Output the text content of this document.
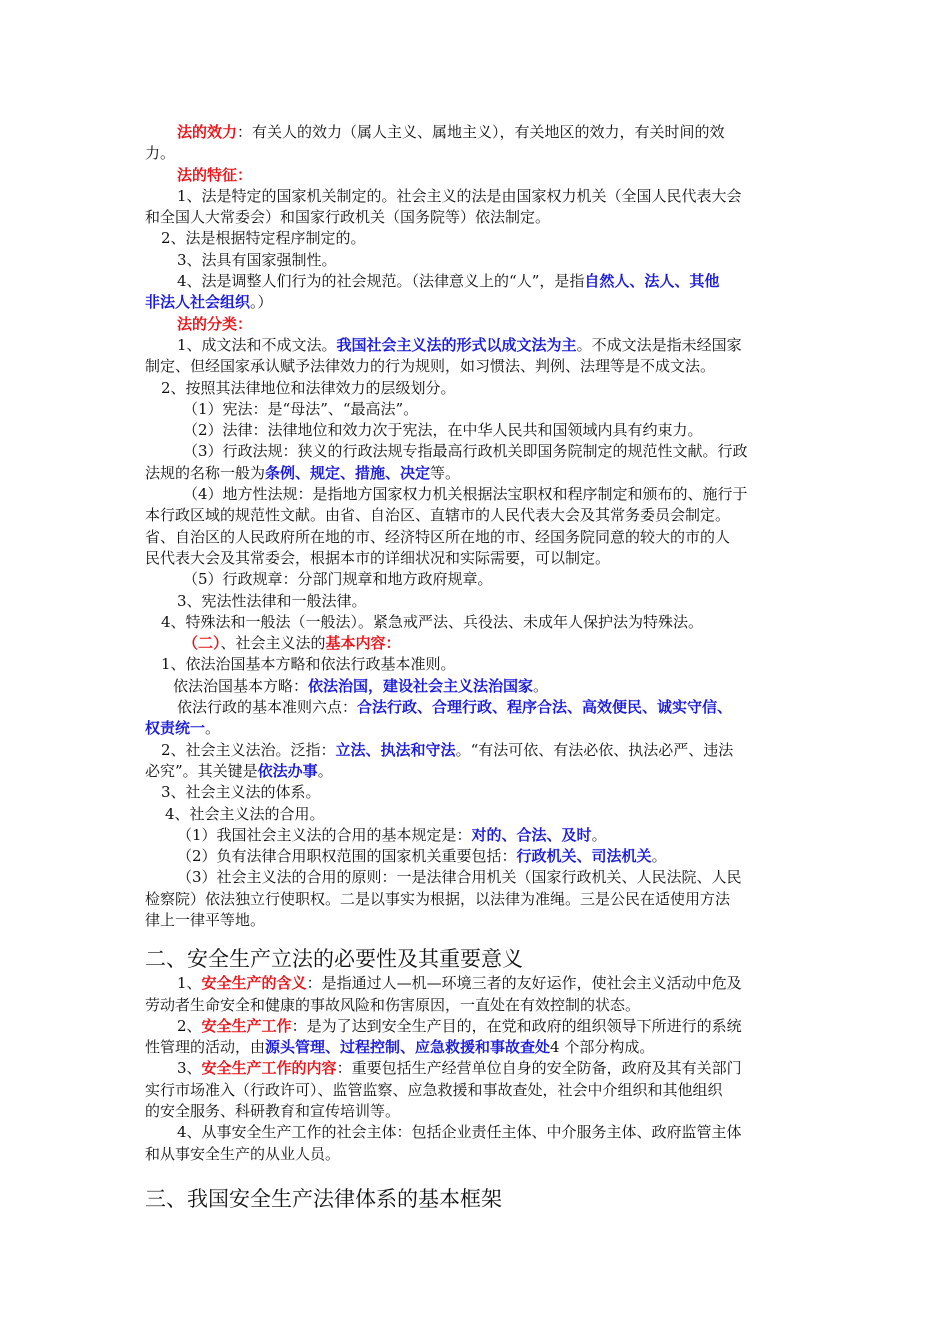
法的效力：有关人的效力（属人主义、属地主义），有关地区的效力，有关时间的效

力。

法的特征：

1、法是特定的国家机关制定的。社会主义的法是由国家权力机关（全国人民代表大会

和全国人大常委会）和国家行政机关（国务院等）依法制定。

2、法是根据特定程序制定的。

3、法具有国家强制性。

4、法是调整人们行为的社会规范。（法律意义上的“人”，是指自然人、法人、其他

非法人社会组织。）

法的分类：

1、成文法和不成文法。我国社会主义法的形式以成文法为主。不成文法是指未经国家

制定、但经国家承认赋予法律效力的行为规则，如习惯法、判例、法理等是不成文法。

2、按照其法律地位和法律效力的层级划分。

（1）宪法：是“母法”、“最高法”。

（2）法律：法律地位和效力次于宪法，在中华人民共和国领域内具有约束力。

（3）行政法规：狭义的行政法规专指最高行政机关即国务院制定的规范性文献。行政

法规的名称一般为条例、规定、措施、决定等。

（4）地方性法规：是指地方国家权力机关根据法宝职权和程序制定和颁布的、施行于

本行政区域的规范性文献。由省、自治区、直辖市的人民代表大会及其常务委员会制定。

省、自治区的人民政府所在地的市、经济特区所在地的市、经国务院同意的较大的市的人

民代表大会及其常委会，根据本市的详细状况和实际需要，可以制定。

（5）行政规章：分部门规章和地方政府规章。

3、宪法性法律和一般法律。

4、特殊法和一般法（一般法）。紧急戒严法、兵役法、未成年人保护法为特殊法。

（二）、社会主义法的基本内容：

1、依法治国基本方略和依法行政基本准则。

依法治国基本方略：依法治国，建设社会主义法治国家。

依法行政的基本准则六点：合法行政、合理行政、程序合法、高效便民、诚实守信、

权责统一。

2、社会主义法治。泛指：立法、执法和守法。“有法可依、有法必依、执法必严、违法

必究”。其关键是依法办事。

3、社会主义法的体系。

4、社会主义法的合用。

（1）我国社会主义法的合用的基本规定是：对的、合法、及时。

（2）负有法律合用职权范围的国家机关重要包括：行政机关、司法机关。

（3）社会主义法的合用的原则：一是法律合用机关（国家行政机关、人民法院、人民

检察院）依法独立行使职权。二是以事实为根据，以法律为准绳。三是公民在适使用方法

律上一律平等地。

二、安全生产立法的必要性及其重要意义

1、安全生产的含义：是指通过人—机—环境三者的友好运作，使社会主义活动中危及

劳动者生命安全和健康的事故风险和伤害原因，一直处在有效控制的状态。

2、安全生产工作：是为了达到安全生产目的，在党和政府的组织领导下所进行的系统

性管理的活动，由源头管理、过程控制、应急救援和事故查处4 个部分构成。

3、安全生产工作的内容：重要包括生产经营单位自身的安全防备，政府及其有关部门

实行市场准入（行政许可）、监管监察、应急救援和事故查处，社会中介组织和其他组织

的安全服务、科研教育和宣传培训等。

4、从事安全生产工作的社会主体：包括企业责任主体、中介服务主体、政府监管主体

和从事安全生产的从业人员。

三、我国安全生产法律体系的基本框架
